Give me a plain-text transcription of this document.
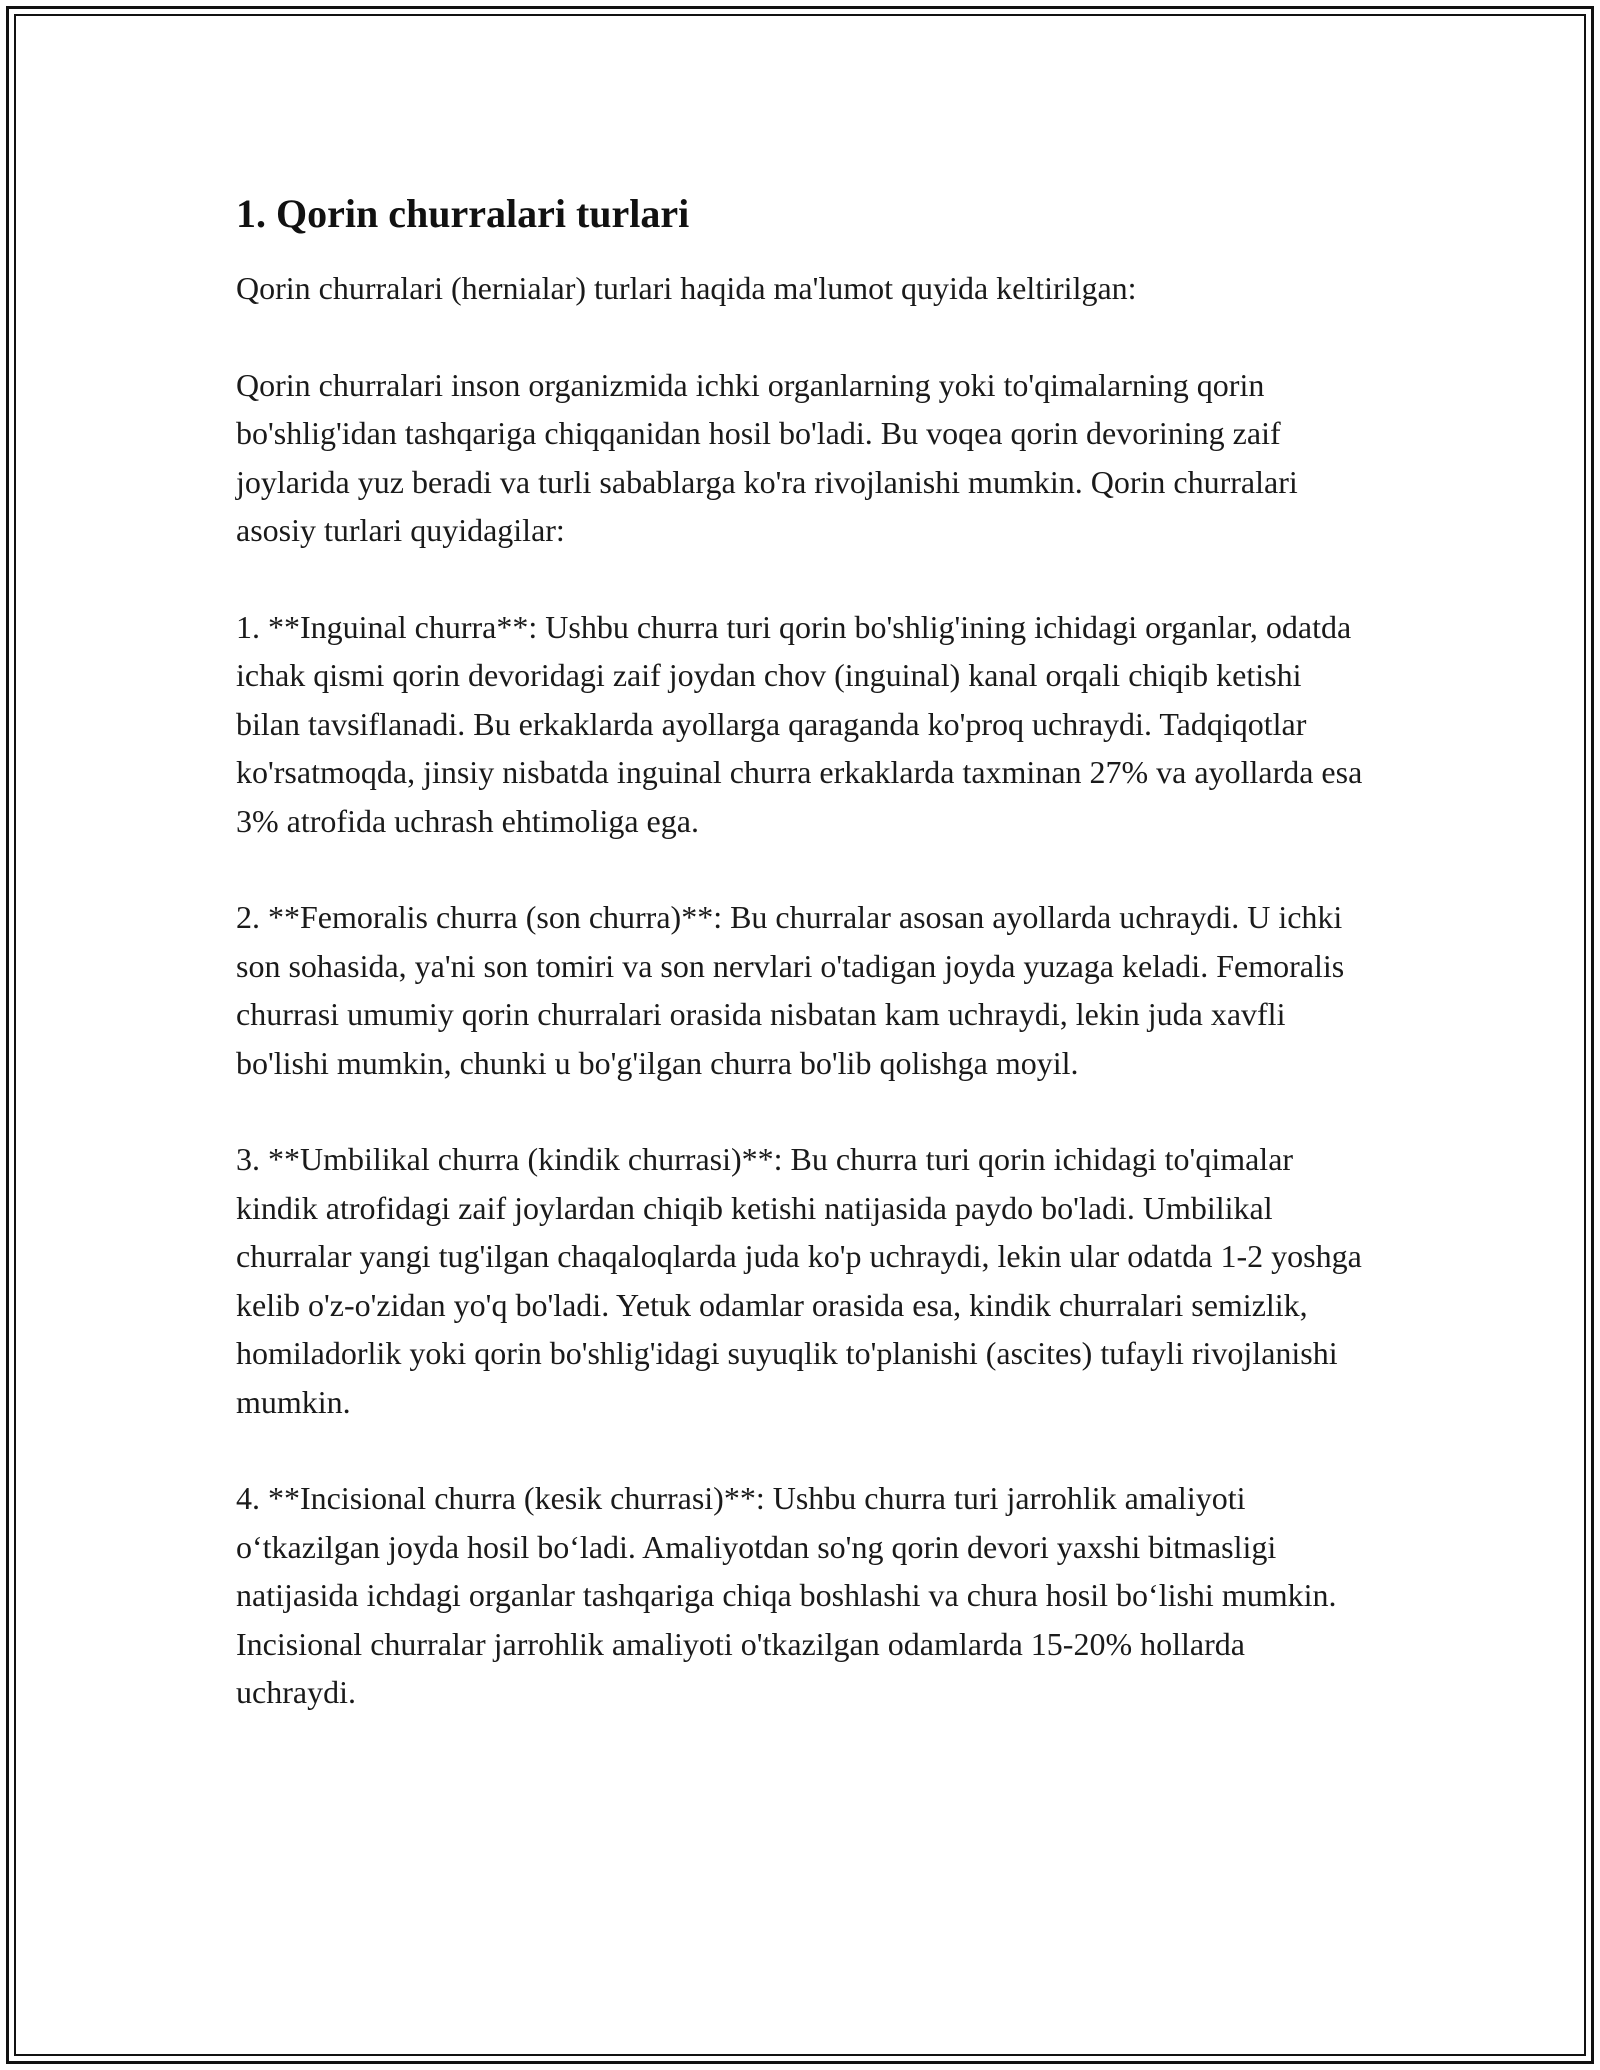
1. Qorin churralari turlari

Qorin churralari (hernialar) turlari haqida ma'lumot quyida keltirilgan:

Qorin churralari inson organizmida ichki organlarning yoki to'qimalarning qorin bo'shlig'idan tashqariga chiqqanidan hosil bo'ladi. Bu voqea qorin devorining zaif joylarida yuz beradi va turli sabablarga ko'ra rivojlanishi mumkin. Qorin churralari asosiy turlari quyidagilar:

1. **Inguinal churra**: Ushbu churra turi qorin bo'shlig'ining ichidagi organlar, odatda ichak qismi qorin devoridagi zaif joydan chov (inguinal) kanal orqali chiqib ketishi bilan tavsiflanadi. Bu erkaklarda ayollarga qaraganda ko'proq uchraydi. Tadqiqotlar ko'rsatmoqda, jinsiy nisbatda inguinal churra erkaklarda taxminan 27% va ayollarda esa 3% atrofida uchrash ehtimoliga ega.

2. **Femoralis churra (son churra)**: Bu churralar asosan ayollarda uchraydi. U ichki son sohasida, ya'ni son tomiri va son nervlari o'tadigan joyda yuzaga keladi. Femoralis churrasi umumiy qorin churralari orasida nisbatan kam uchraydi, lekin juda xavfli bo'lishi mumkin, chunki u bo'g'ilgan churra bo'lib qolishga moyil.

3. **Umbilikal churra (kindik churrasi)**: Bu churra turi qorin ichidagi to'qimalar kindik atrofidagi zaif joylardan chiqib ketishi natijasida paydo bo'ladi. Umbilikal churralar yangi tug'ilgan chaqaloqlarda juda ko'p uchraydi, lekin ular odatda 1-2 yoshga kelib o'z-o'zidan yo'q bo'ladi. Yetuk odamlar orasida esa, kindik churralari semizlik, homiladorlik yoki qorin bo'shlig'idagi suyuqlik to'planishi (ascites) tufayli rivojlanishi mumkin.

4. **Incisional churra (kesik churrasi)**: Ushbu churra turi jarrohlik amaliyoti o‘tkazilgan joyda hosil bo‘ladi. Amaliyotdan so'ng qorin devori yaxshi bitmasligi natijasida ichdagi organlar tashqariga chiqa boshlashi va chura hosil bo‘lishi mumkin. Incisional churralar jarrohlik amaliyoti o'tkazilgan odamlarda 15-20% hollarda uchraydi.
